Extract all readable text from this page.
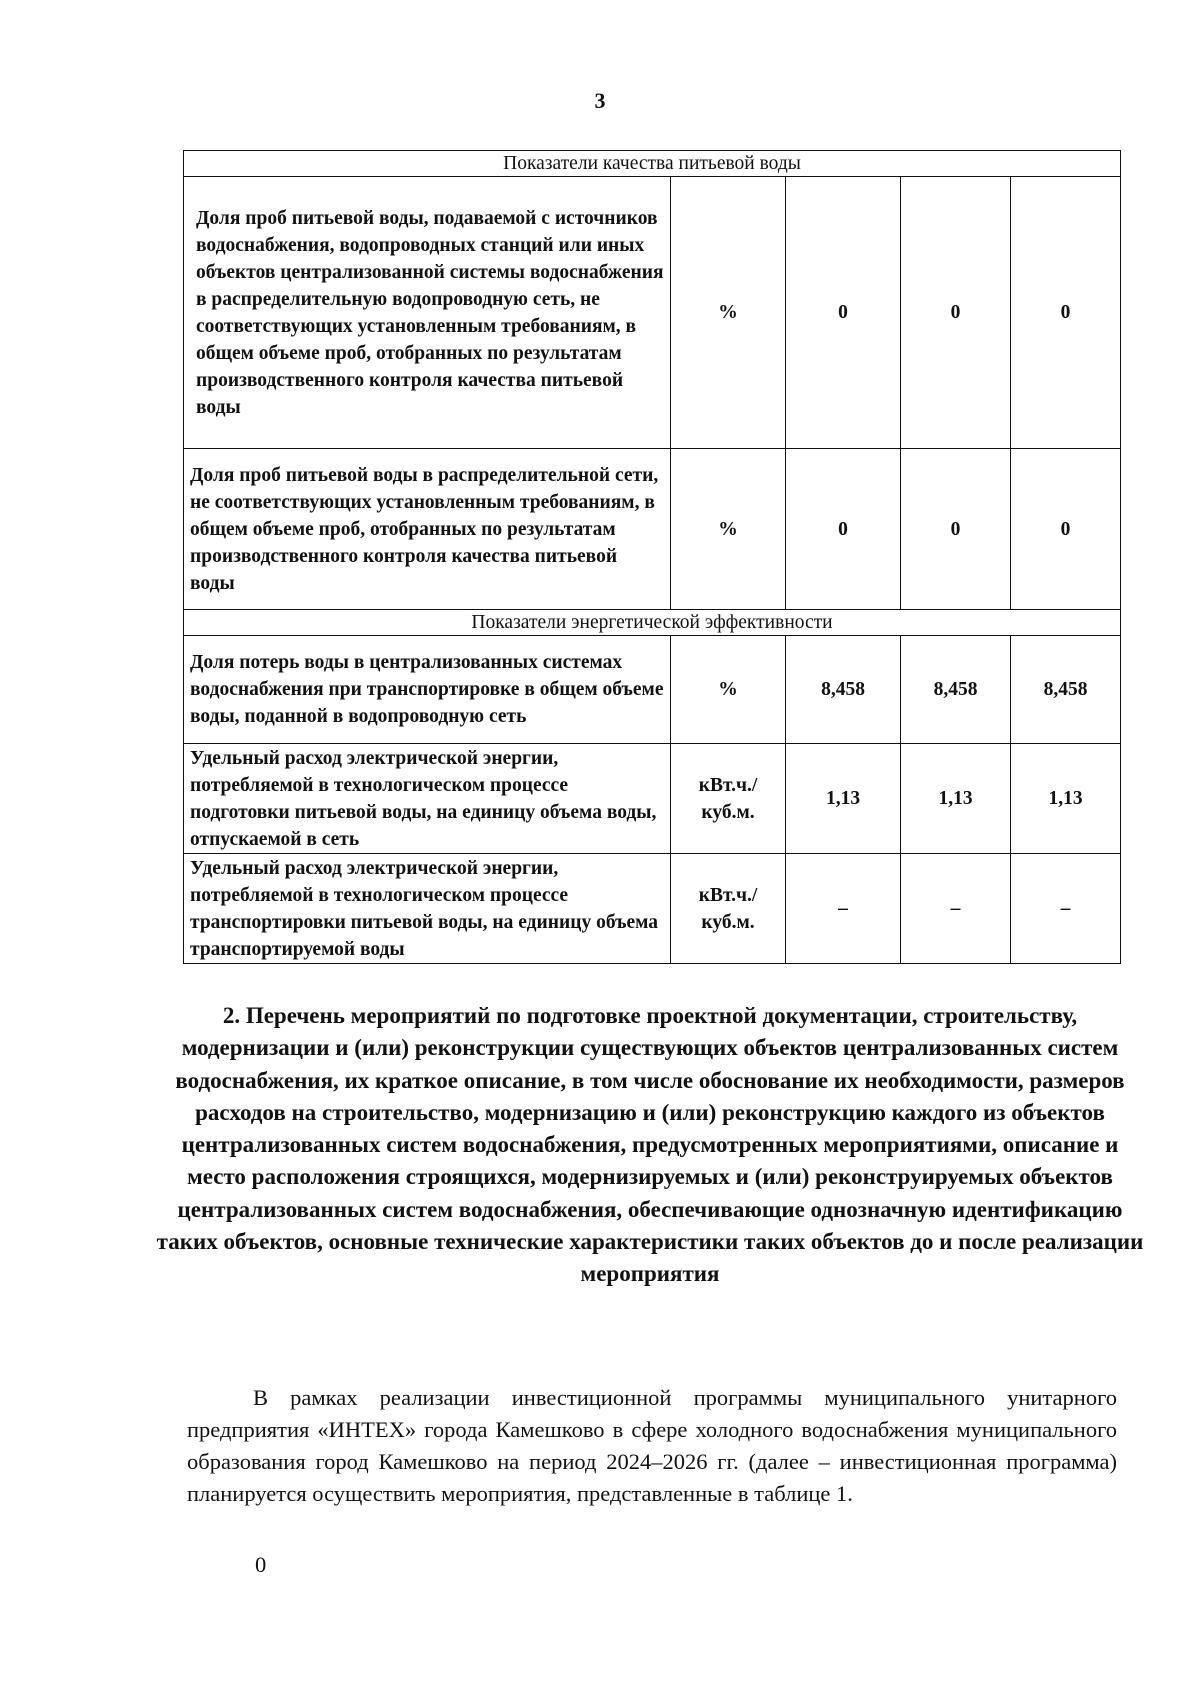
3
Показатели качества питьевой воды				
Доля проб питьевой воды, подаваемой с источников водоснабжения, водопроводных станций или иных объектов централизованной системы водоснабжения в распределительную водопроводную сеть, не соответствующих установленным требованиям, в общем объеме проб, отобранных по результатам производственного контроля качества питьевой воды	%	0	0	0
Доля проб питьевой воды в распределительной сети, не соответствующих установленным требованиям, в общем объеме проб, отобранных по результатам производственного контроля качества питьевой воды	%	0	0	0
Показатели энергетической эффективности				
Доля потерь воды в централизованных системах водоснабжения при транспортировке в общем объеме воды, поданной в водопроводную сеть	%	8,458	8,458	8,458
Удельный расход электрической энергии, потребляемой в технологическом процессе подготовки питьевой воды, на единицу объема воды, отпускаемой в сеть	кВт.ч./ куб.м.	1,13	1,13	1,13
Удельный расход электрической энергии, потребляемой в технологическом процессе транспортировки питьевой воды, на единицу объема транспортируемой воды	кВт.ч./ куб.м.	–	–	–
2. Перечень мероприятий по подготовке проектной документации, строительству, модернизации и (или) реконструкции существующих объектов централизованных систем водоснабжения, их краткое описание, в том числе обоснование их необходимости, размеров расходов на строительство, модернизацию и (или) реконструкцию каждого из объектов централизованных систем водоснабжения, предусмотренных мероприятиями, описание и место расположения строящихся, модернизируемых и (или) реконструируемых объектов централизованных систем водоснабжения, обеспечивающие однозначную идентификацию таких объектов, основные технические характеристики таких объектов до и после реализации мероприятия

В рамках реализации инвестиционной программы муниципального унитарного предприятия «ИНТЕХ» города Камешково в сфере холодного водоснабжения муниципального образования город Камешково на период 2024–2026 гг. (далее – инвестиционная программа) планируется осуществить мероприятия, представленные в таблице 1.

0
